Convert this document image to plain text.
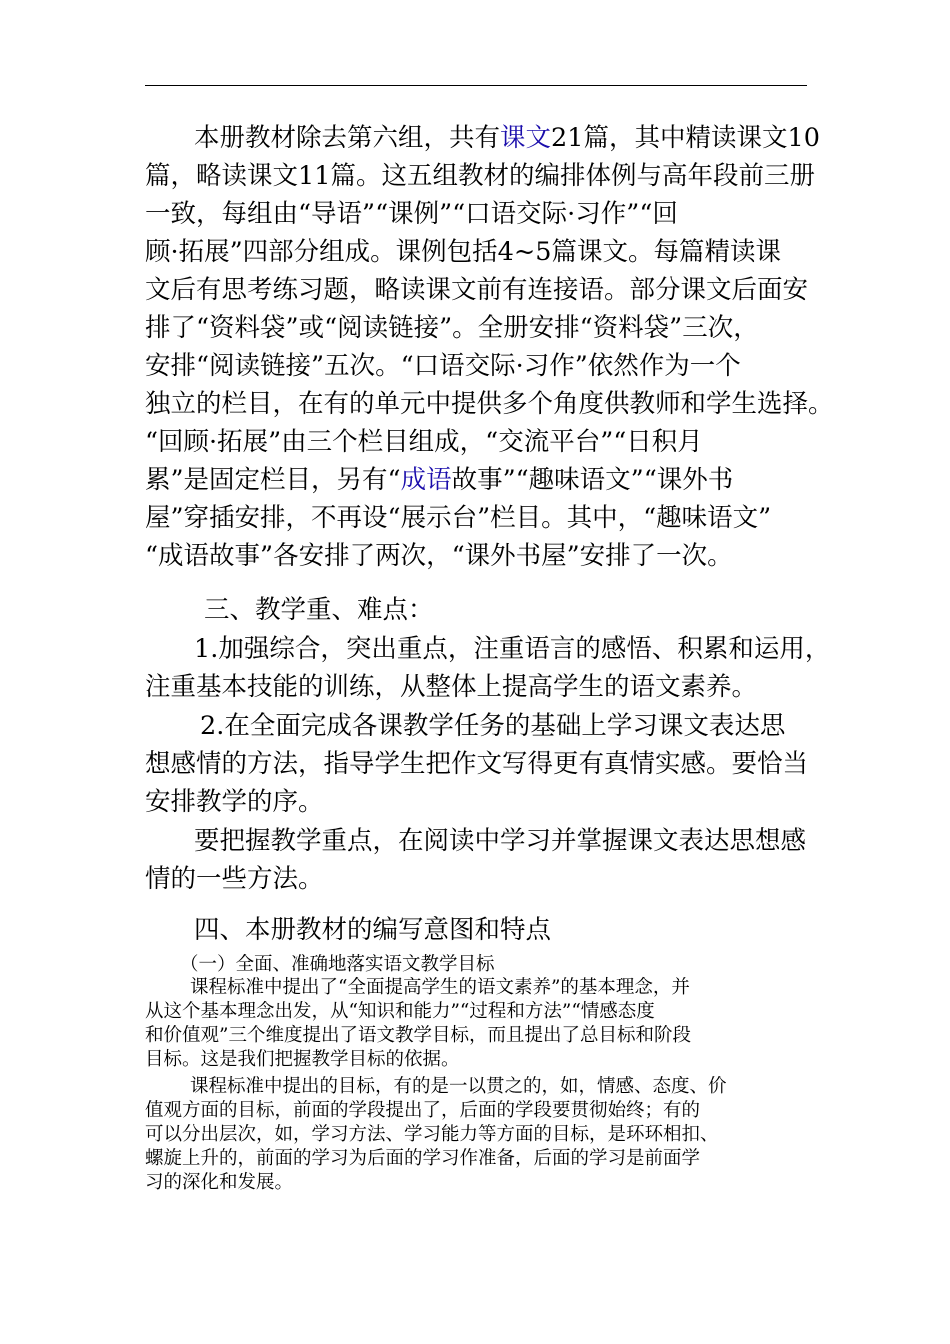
本册教材除去第六组，共有课文21篇，其中精读课文10
篇，略读课文11篇。这五组教材的编排体例与高年段前三册
一致，每组由“导语”“课例”“口语交际·习作”“回
顾·拓展”四部分组成。课例包括4~5篇课文。每篇精读课
文后有思考练习题，略读课文前有连接语。部分课文后面安
排了“资料袋”或“阅读链接”。全册安排“资料袋”三次，
安排“阅读链接”五次。“口语交际·习作”依然作为一个
独立的栏目，在有的单元中提供多个角度供教师和学生选择。
“回顾·拓展”由三个栏目组成，“交流平台”“日积月
累”是固定栏目，另有“成语故事”“趣味语文”“课外书
屋”穿插安排，不再设“展示台”栏目。其中，“趣味语文”
“成语故事”各安排了两次，“课外书屋”安排了一次。
三、教学重、难点：
1.加强综合，突出重点，注重语言的感悟、积累和运用，
注重基本技能的训练，从整体上提高学生的语文素养。
2.在全面完成各课教学任务的基础上学习课文表达思
想感情的方法，指导学生把作文写得更有真情实感。要恰当
安排教学的序。
要把握教学重点，在阅读中学习并掌握课文表达思想感
情的一些方法。
四、本册教材的编写意图和特点
（一）全面、准确地落实语文教学目标
课程标准中提出了“全面提高学生的语文素养”的基本理念，并
从这个基本理念出发，从“知识和能力”“过程和方法”“情感态度
和价值观”三个维度提出了语文教学目标，而且提出了总目标和阶段
目标。这是我们把握教学目标的依据。
课程标准中提出的目标，有的是一以贯之的，如，情感、态度、价
值观方面的目标，前面的学段提出了，后面的学段要贯彻始终；有的
可以分出层次，如，学习方法、学习能力等方面的目标，是环环相扣、
螺旋上升的，前面的学习为后面的学习作准备，后面的学习是前面学
习的深化和发展。
